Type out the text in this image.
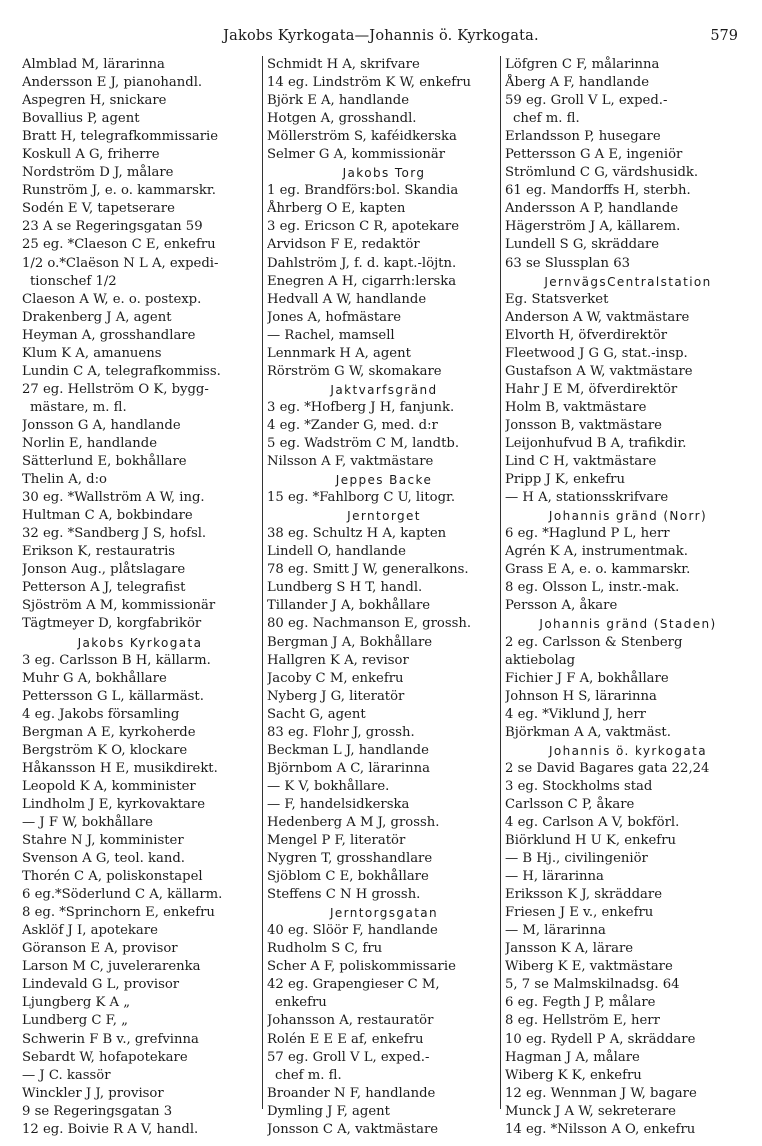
Jakobs Kyrkogata—Johannis ö. Kyrkogata.	579
Almblad M, lärarinna
Andersson E J, pianohandl.
Aspegren H, snickare
Bovallius P, agent
Bratt H, telegrafkommissarie
Koskull A G, friherre
Nordström D J, målare
Runström J, e. o. kammarskr.
Sodén E V, tapetserare
23 A se Regeringsgatan 59
25 eg. *Claeson C E, enkefru
1/2 o.*Claëson N L A, expedi-
tionschef 1/2
Claeson A W, e. o. postexp.
Drakenberg J A, agent
Heyman A, grosshandlare
Klum K A, amanuens
Lundin C A, telegrafkommiss.
27 eg. Hellström O K, bygg-
mästare, m. fl.
Jonsson G A, handlande
Norlin E, handlande
Sätterlund E, bokhållare
Thelin A, d:o
30 eg. *Wallström A W, ing.
Hultman C A, bokbindare
32 eg. *Sandberg J S, hofsl.
Erikson K, restauratris
Jonson Aug., plåtslagare
Petterson A J, telegrafist
Sjöström A M, kommissionär
Tägtmeyer D, korgfabrikör
Jakobs Kyrkogata
3 eg. Carlsson B H, källarm.
Muhr G A, bokhållare
Pettersson G L, källarmäst.
4 eg. Jakobs församling
Bergman A E, kyrkoherde
Bergström K O, klockare
Håkansson H E, musikdirekt.
Leopold K A, komminister
Lindholm J E, kyrkovaktare
— J F W, bokhållare
Stahre N J, komminister
Svenson A G, teol. kand.
Thorén C A, poliskonstapel
6 eg.*Söderlund C A, källarm.
8 eg. *Sprinchorn E, enkefru
Asklöf J I, apotekare
Göranson E A, provisor
Larson M C, juvelerarenka
Lindevald G L, provisor
Ljungberg K A „
Lundberg C F, „
Schwerin F B v., grefvinna
Sebardt W, hofapotekare
— J C. kassör
Winckler J J, provisor
9 se Regeringsgatan 3
12 eg. Boivie R A V, handl.
Schmidt H A, skrifvare
14 eg. Lindström K W, enkefru
Björk E A, handlande
Hotgen A, grosshandl.
Möllerström S, kaféidkerska
Selmer G A, kommissionär
Jakobs Torg
1 eg. Brandförs:bol. Skandia
Åhrberg O E, kapten
3 eg. Ericson C R, apotekare
Arvidson F E, redaktör
Dahlström J, f. d. kapt.-löjtn.
Enegren A H, cigarrh:lerska
Hedvall A W, handlande
Jones A, hofmästare
— Rachel, mamsell
Lennmark H A, agent
Rörström G W, skomakare
Jaktvarfsgränd
3 eg. *Hofberg J H, fanjunk.
4 eg. *Zander G, med. d:r
5 eg. Wadström C M, landtb.
Nilsson A F, vaktmästare
Jeppes Backe
15 eg. *Fahlborg C U, litogr.
Jerntorget
38 eg. Schultz H A, kapten
Lindell O, handlande
78 eg. Smitt J W, generalkons.
Lundberg S H T, handl.
Tillander J A, bokhållare
80 eg. Nachmanson E, grossh.
Bergman J A, Bokhållare
Hallgren K A, revisor
Jacoby C M, enkefru
Nyberg J G, literatör
Sacht G, agent
83 eg. Flohr J, grossh.
Beckman L J, handlande
Björnbom A C, lärarinna
— K V, bokhållare.
— F, handelsidkerska
Hedenberg A M J, grossh.
Mengel P F, literatör
Nygren T, grosshandlare
Sjöblom C E, bokhållare
Steffens C N H grossh.
Jerntorgsgatan
40 eg. Slöör F, handlande
Rudholm S C, fru
Scher A F, poliskommissarie
42 eg. Grapengieser C M,
enkefru
Johansson A, restauratör
Rolén E E E af, enkefru
57 eg. Groll V L, exped.-
chef m. fl.
Broander N F, handlande
Dymling J F, agent
Jonsson C A, vaktmästare
Löfgren C F, målarinna
Åberg A F, handlande
59 eg. Groll V L, exped.-
chef m. fl.
Erlandsson P, husegare
Pettersson G A E, ingeniör
Strömlund C G, värdshusidk.
61 eg. Mandorffs H, sterbh.
Andersson A P, handlande
Hägerström J A, källarem.
Lundell S G, skräddare
63 se Slussplan 63
JernvägsCentralstation
Eg. Statsverket
Anderson A W, vaktmästare
Elvorth H, öfverdirektör
Fleetwood J G G, stat.-insp.
Gustafson A W, vaktmästare
Hahr J E M, öfverdirektör
Holm B, vaktmästare
Jonsson B, vaktmästare
Leijonhufvud B A, trafikdir.
Lind C H, vaktmästare
Pripp J K, enkefru
— H A, stationsskrifvare
Johannis gränd (Norr)
6 eg. *Haglund P L, herr
Agrén K A, instrumentmak.
Grass E A, e. o. kammarskr.
8 eg. Olsson L, instr.-mak.
Persson A, åkare
Johannis gränd (Staden)
2 eg. Carlsson & Stenberg
aktiebolag
Fichier J F A, bokhållare
Johnson H S, lärarinna
4 eg. *Viklund J, herr
Björkman A A, vaktmäst.
Johannis ö. kyrkogata
2 se David Bagares gata 22,24
3 eg. Stockholms stad
Carlsson C P, åkare
4 eg. Carlson A V, bokförl.
Biörklund H U K, enkefru
— B Hj., civilingeniör
— H, lärarinna
Eriksson K J, skräddare
Friesen J E v., enkefru
— M, lärarinna
Jansson K A, lärare
Wiberg K E, vaktmästare
5, 7 se Malmskilnadsg. 64
6 eg. Fegth J P, målare
8 eg. Hellström E, herr
10 eg. Rydell P A, skräddare
Hagman J A, målare
Wiberg K K, enkefru
12 eg. Wennman J W, bagare
Munck J A W, sekreterare
14 eg. *Nilsson A O, enkefru
